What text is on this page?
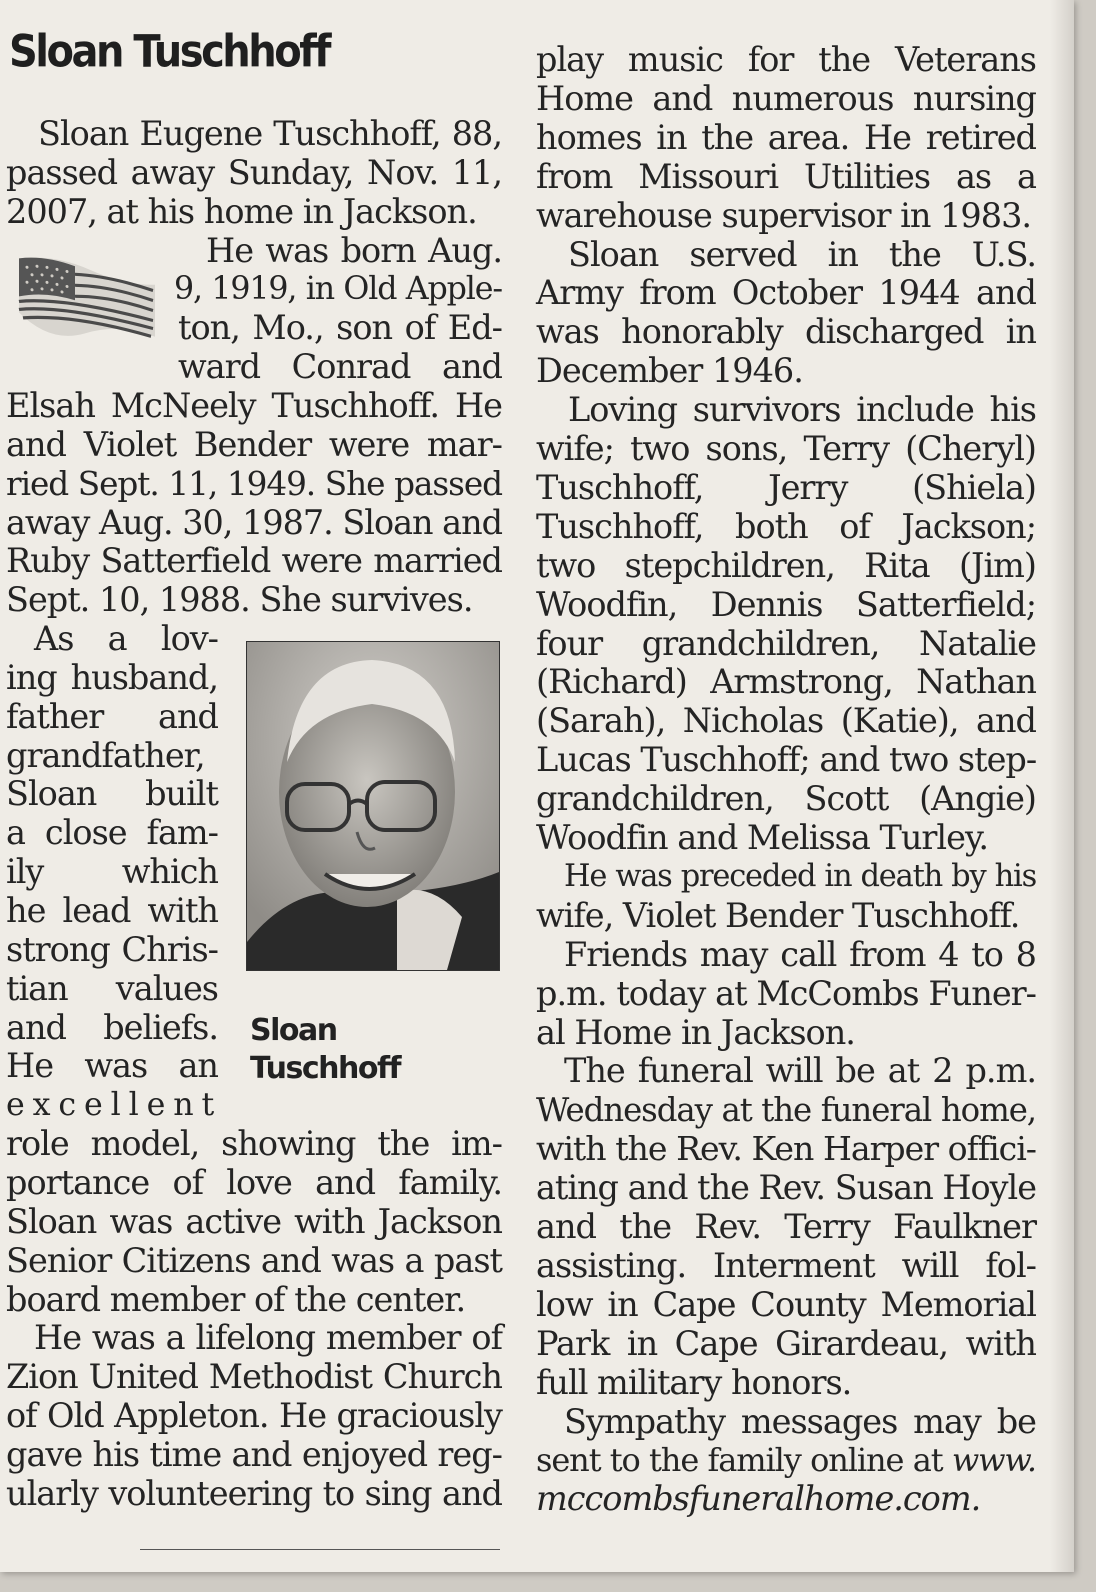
Sloan Tuschhoff
Sloan Eugene Tuschhoff, 88,
passed away Sunday, Nov. 11,
2007, at his home in Jackson.
He was born Aug.
9, 1919, in Old Apple-
ton, Mo., son of Ed-
ward Conrad and
Elsah McNeely Tuschhoff. He
and Violet Bender were mar-
ried Sept. 11, 1949. She passed
away Aug. 30, 1987. Sloan and
Ruby Satterfield were married
Sept. 10, 1988. She survives.
As a lov-
ing husband,
father and
grandfather,
Sloan built
a close fam-
ily which
he lead with
strong Chris-
tian values
and beliefs.
He was an
excellent
role model, showing the im-
portance of love and family.
Sloan was active with Jackson
Senior Citizens and was a past
board member of the center.
He was a lifelong member of
Zion United Methodist Church
of Old Appleton. He graciously
gave his time and enjoyed reg-
ularly volunteering to sing and
play music for the Veterans
Home and numerous nursing
homes in the area. He retired
from Missouri Utilities as a
warehouse supervisor in 1983.
Sloan served in the U.S.
Army from October 1944 and
was honorably discharged in
December 1946.
Loving survivors include his
wife; two sons, Terry (Cheryl)
Tuschhoff, Jerry (Shiela)
Tuschhoff, both of Jackson;
two stepchildren, Rita (Jim)
Woodfin, Dennis Satterfield;
four grandchildren, Natalie
(Richard) Armstrong, Nathan
(Sarah), Nicholas (Katie), and
Lucas Tuschhoff; and two step-
grandchildren, Scott (Angie)
Woodfin and Melissa Turley.
He was preceded in death by his
wife, Violet Bender Tuschhoff.
Friends may call from 4 to 8
p.m. today at McCombs Funer-
al Home in Jackson.
The funeral will be at 2 p.m.
Wednesday at the funeral home,
with the Rev. Ken Harper offici-
ating and the Rev. Susan Hoyle
and the Rev. Terry Faulkner
assisting. Interment will fol-
low in Cape County Memorial
Park in Cape Girardeau, with
full military honors.
Sympathy messages may be
sent to the family online at www.
mccombsfuneralhome.com.
Sloan
Tuschhoff
